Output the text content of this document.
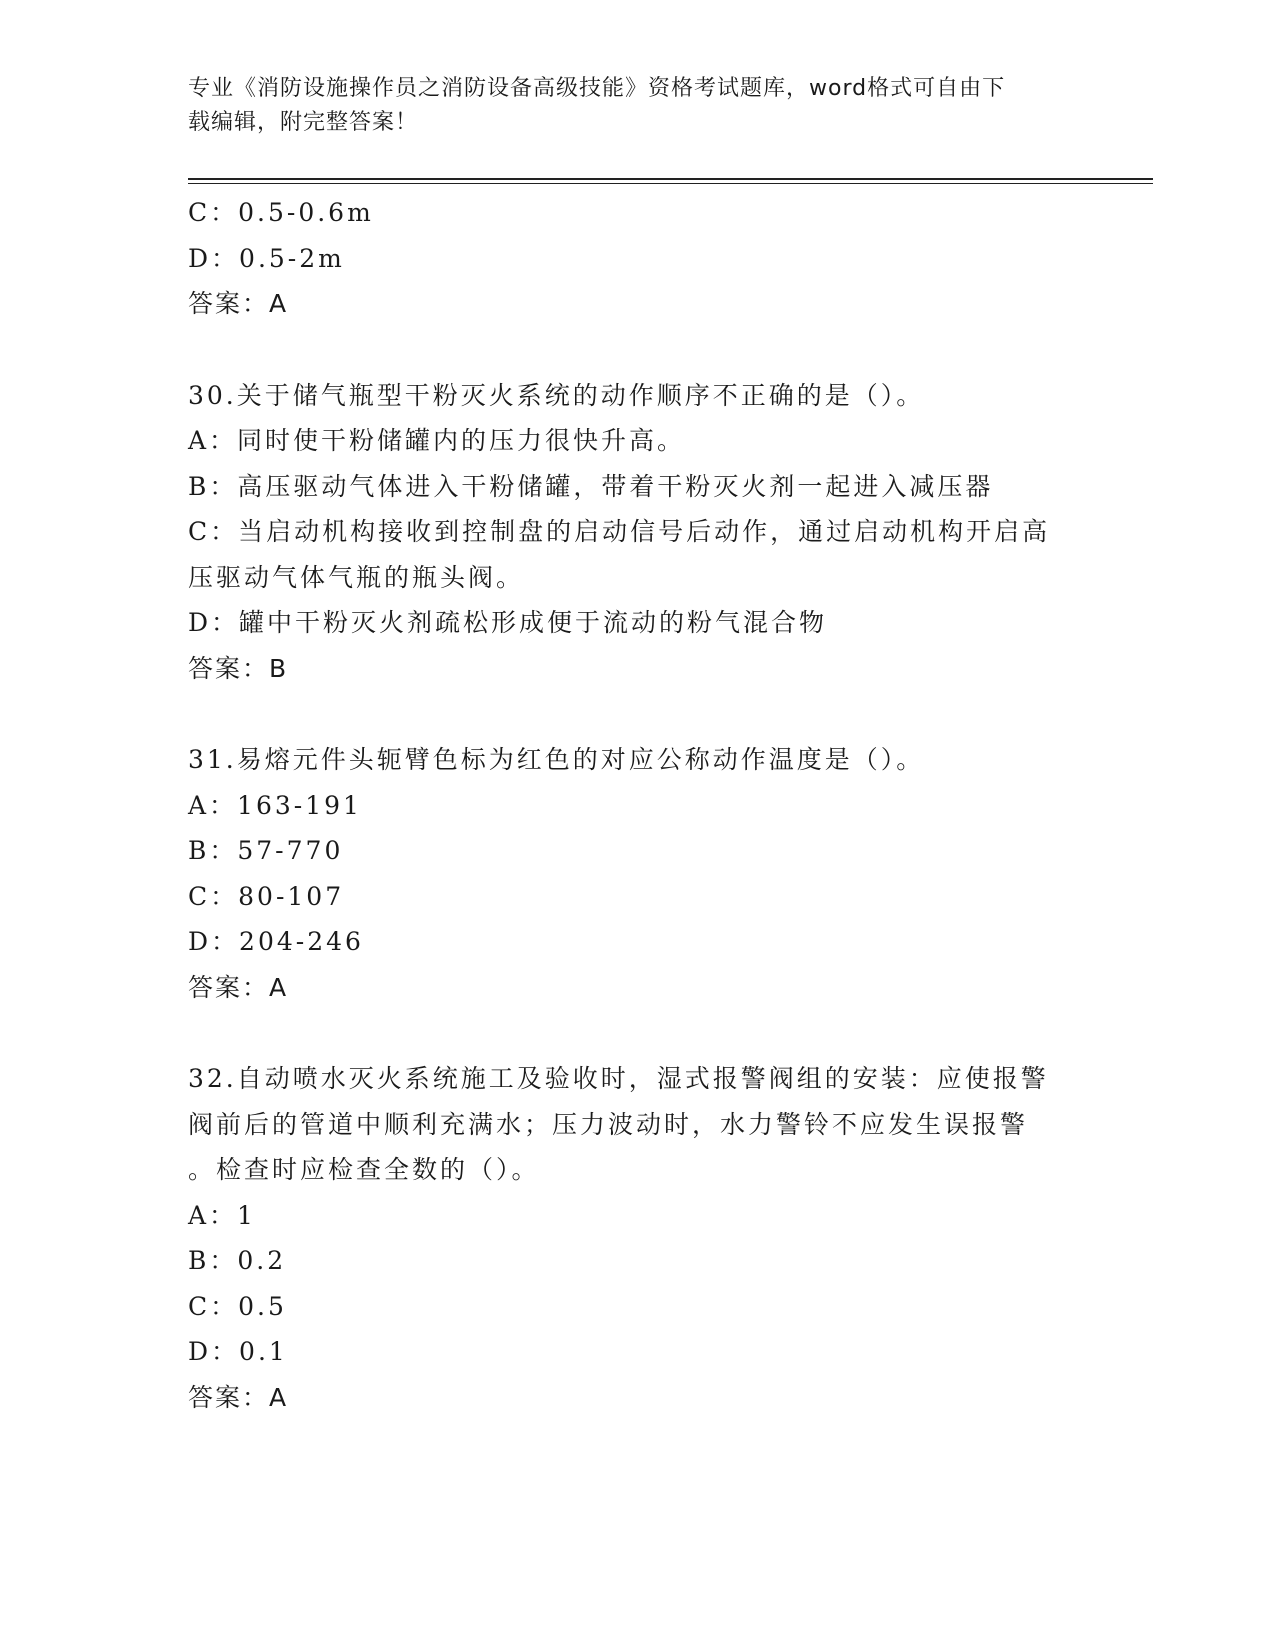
专业《消防设施操作员之消防设备高级技能》资格考试题库，word格式可自由下
载编辑，附完整答案！
C：0.5-0.6m
D：0.5-2m
答案：A
30.关于储气瓶型干粉灭火系统的动作顺序不正确的是（）。
A：同时使干粉储罐内的压力很快升高。
B：高压驱动气体进入干粉储罐，带着干粉灭火剂一起进入减压器
C：当启动机构接收到控制盘的启动信号后动作，通过启动机构开启高
压驱动气体气瓶的瓶头阀。
D：罐中干粉灭火剂疏松形成便于流动的粉气混合物
答案：B
31.易熔元件头轭臂色标为红色的对应公称动作温度是（）。
A：163-191
B：57-770
C：80-107
D：204-246
答案：A
32.自动喷水灭火系统施工及验收时，湿式报警阀组的安装：应使报警
阀前后的管道中顺利充满水；压力波动时，水力警铃不应发生误报警
。检查时应检查全数的（）。
A：1
B：0.2
C：0.5
D：0.1
答案：A
